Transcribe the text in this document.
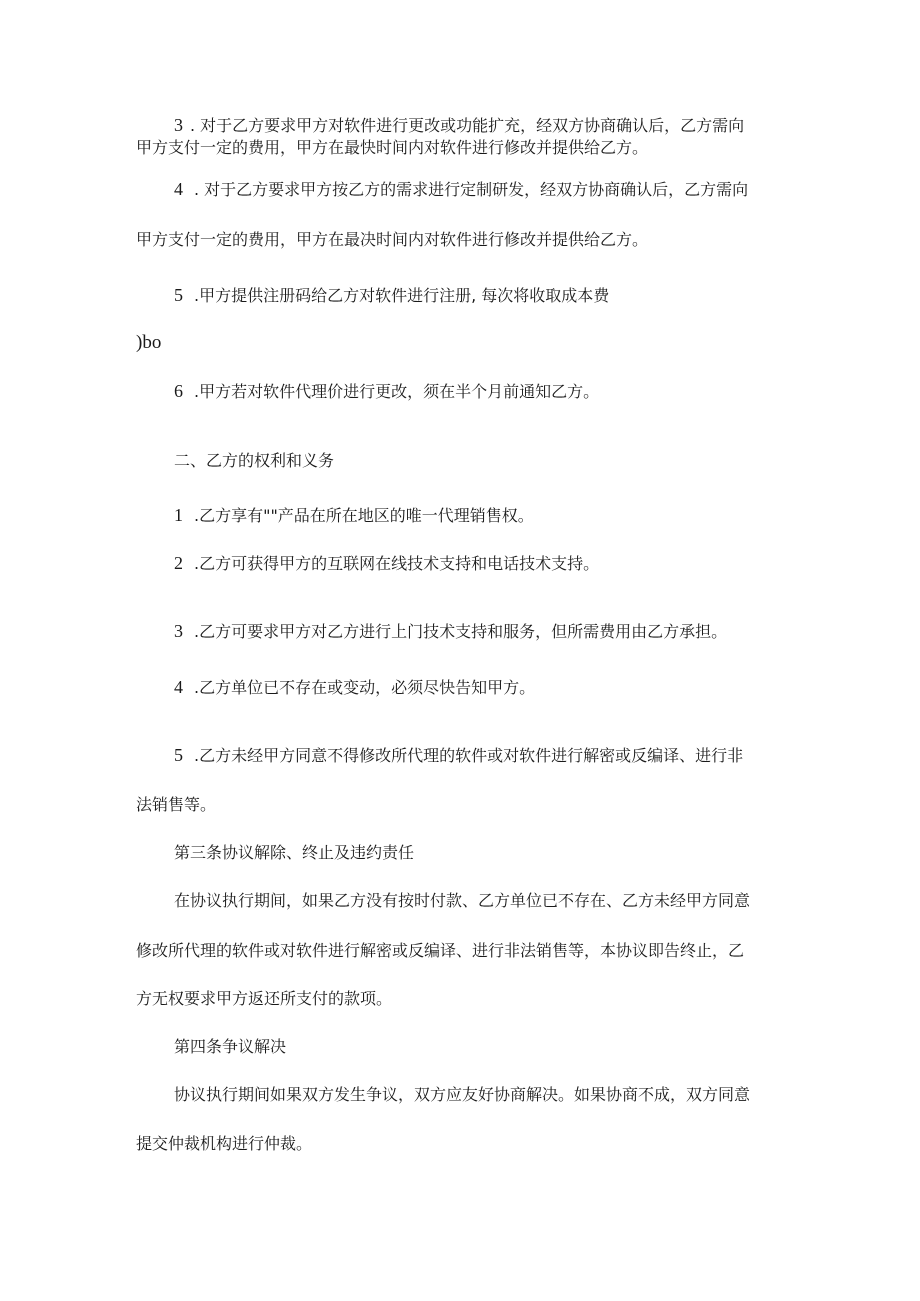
3 . 对于乙方要求甲方对软件进行更改或功能扩充，经双方协商确认后，乙方需向
甲方支付一定的费用，甲方在最快时间内对软件进行修改并提供给乙方。
4 . 对于乙方要求甲方按乙方的需求进行定制研发，经双方协商确认后，乙方需向
甲方支付一定的费用，甲方在最决时间内对软件进行修改并提供给乙方。
5 .甲方提供注册码给乙方对软件进行注册, 每次将收取成本费
)bo
6 .甲方若对软件代理价进行更改，须在半个月前通知乙方。
二、乙方的权利和义务
1 .乙方享有""产品在所在地区的唯一代理销售权。
2 .乙方可获得甲方的互联网在线技术支持和电话技术支持。
3 .乙方可要求甲方对乙方进行上门技术支持和服务，但所需费用由乙方承担。
4 .乙方单位已不存在或变动，必须尽快告知甲方。
5 .乙方未经甲方同意不得修改所代理的软件或对软件进行解密或反编译、进行非
法销售等。
第三条协议解除、终止及违约责任
在协议执行期间，如果乙方没有按时付款、乙方单位已不存在、乙方未经甲方同意
修改所代理的软件或对软件进行解密或反编译、进行非法销售等，本协议即告终止，乙
方无权要求甲方返还所支付的款项。
第四条争议解决
协议执行期间如果双方发生争议，双方应友好协商解决。如果协商不成，双方同意
提交仲裁机构进行仲裁。
